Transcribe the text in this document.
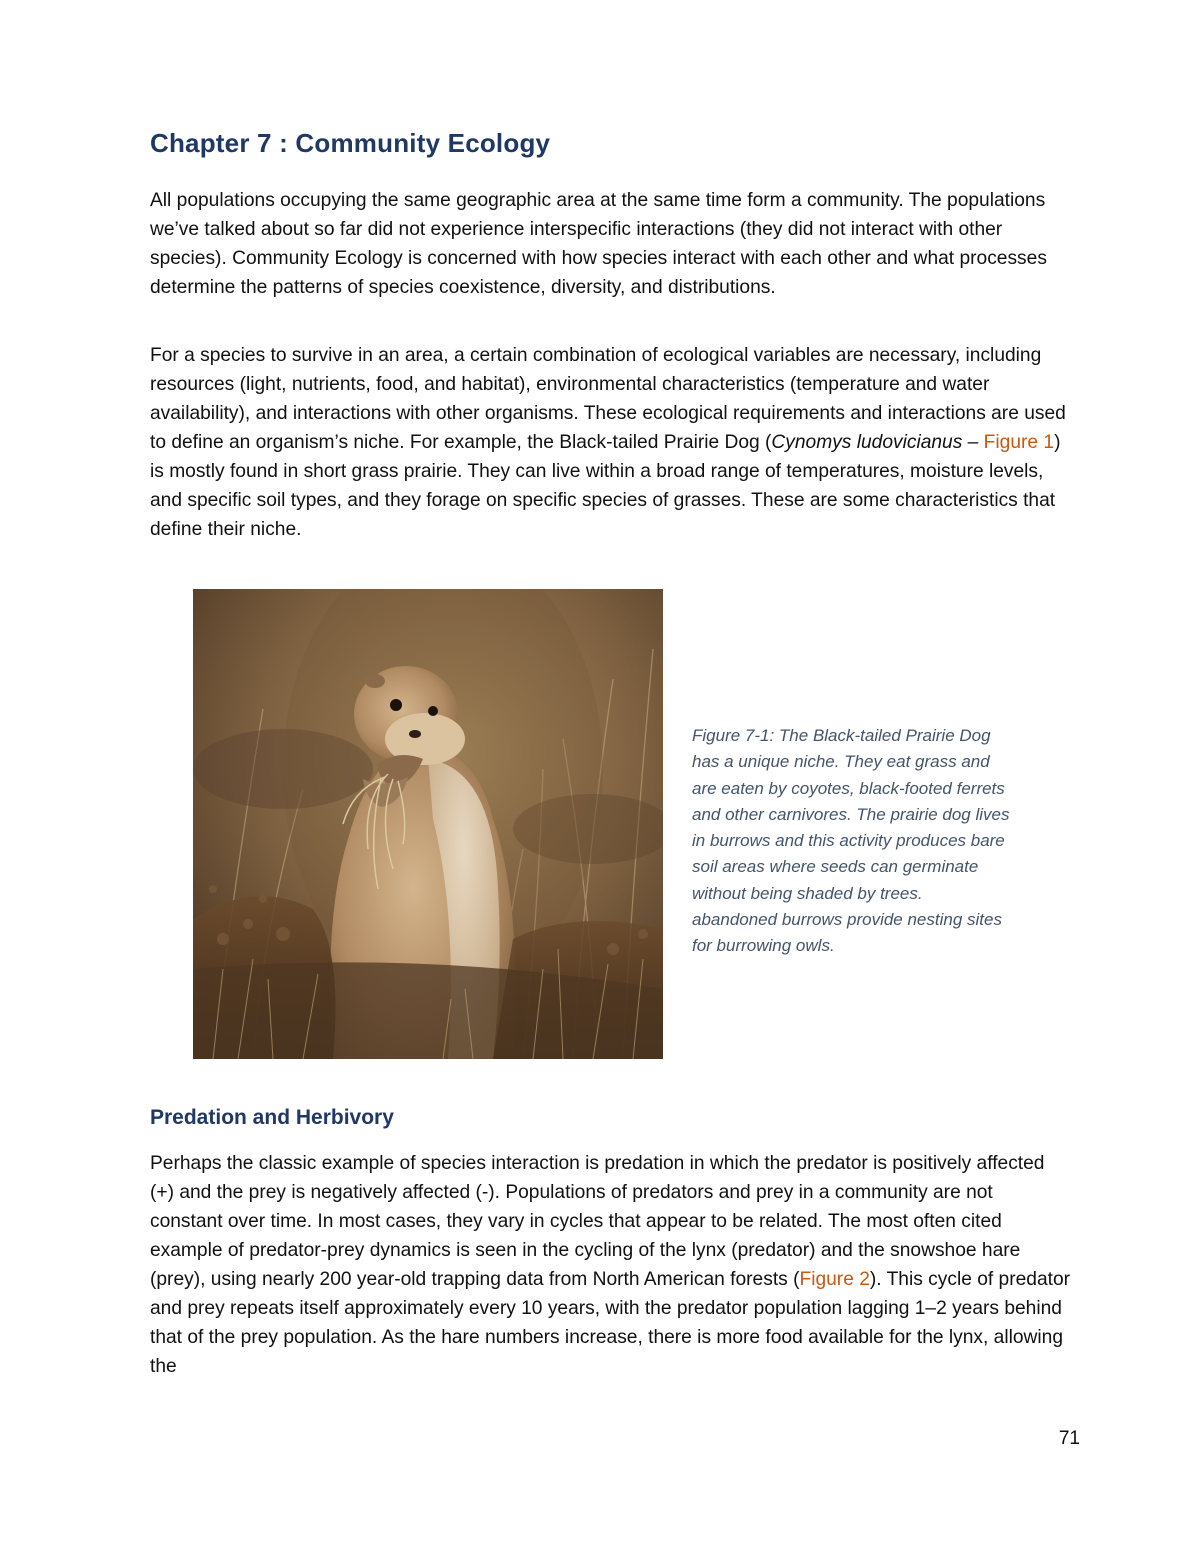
Chapter 7 : Community Ecology

All populations occupying the same geographic area at the same time form a community. The populations we’ve talked about so far did not experience interspecific interactions (they did not interact with other species). Community Ecology is concerned with how species interact with each other and what processes determine the patterns of species coexistence, diversity, and distributions.

For a species to survive in an area, a certain combination of ecological variables are necessary, including resources (light, nutrients, food, and habitat), environmental characteristics (temperature and water availability), and interactions with other organisms. These ecological requirements and interactions are used to define an organism’s niche. For example, the Black-tailed Prairie Dog (Cynomys ludovicianus – Figure 1) is mostly found in short grass prairie. They can live within a broad range of temperatures, moisture levels, and specific soil types, and they forage on specific species of grasses. These are some characteristics that define their niche.

Figure 7-1: The Black-tailed Prairie Dog has a unique niche. They eat grass and are eaten by coyotes, black-footed ferrets and other carnivores. The prairie dog lives in burrows and this activity produces bare soil areas where seeds can germinate without being shaded by trees. abandoned burrows provide nesting sites for burrowing owls.

Predation and Herbivory

Perhaps the classic example of species interaction is predation in which the predator is positively affected (+) and the prey is negatively affected (-). Populations of predators and prey in a community are not constant over time. In most cases, they vary in cycles that appear to be related. The most often cited example of predator-prey dynamics is seen in the cycling of the lynx (predator) and the snowshoe hare (prey), using nearly 200 year-old trapping data from North American forests (Figure 2). This cycle of predator and prey repeats itself approximately every 10 years, with the predator population lagging 1–2 years behind that of the prey population. As the hare numbers increase, there is more food available for the lynx, allowing the

71
